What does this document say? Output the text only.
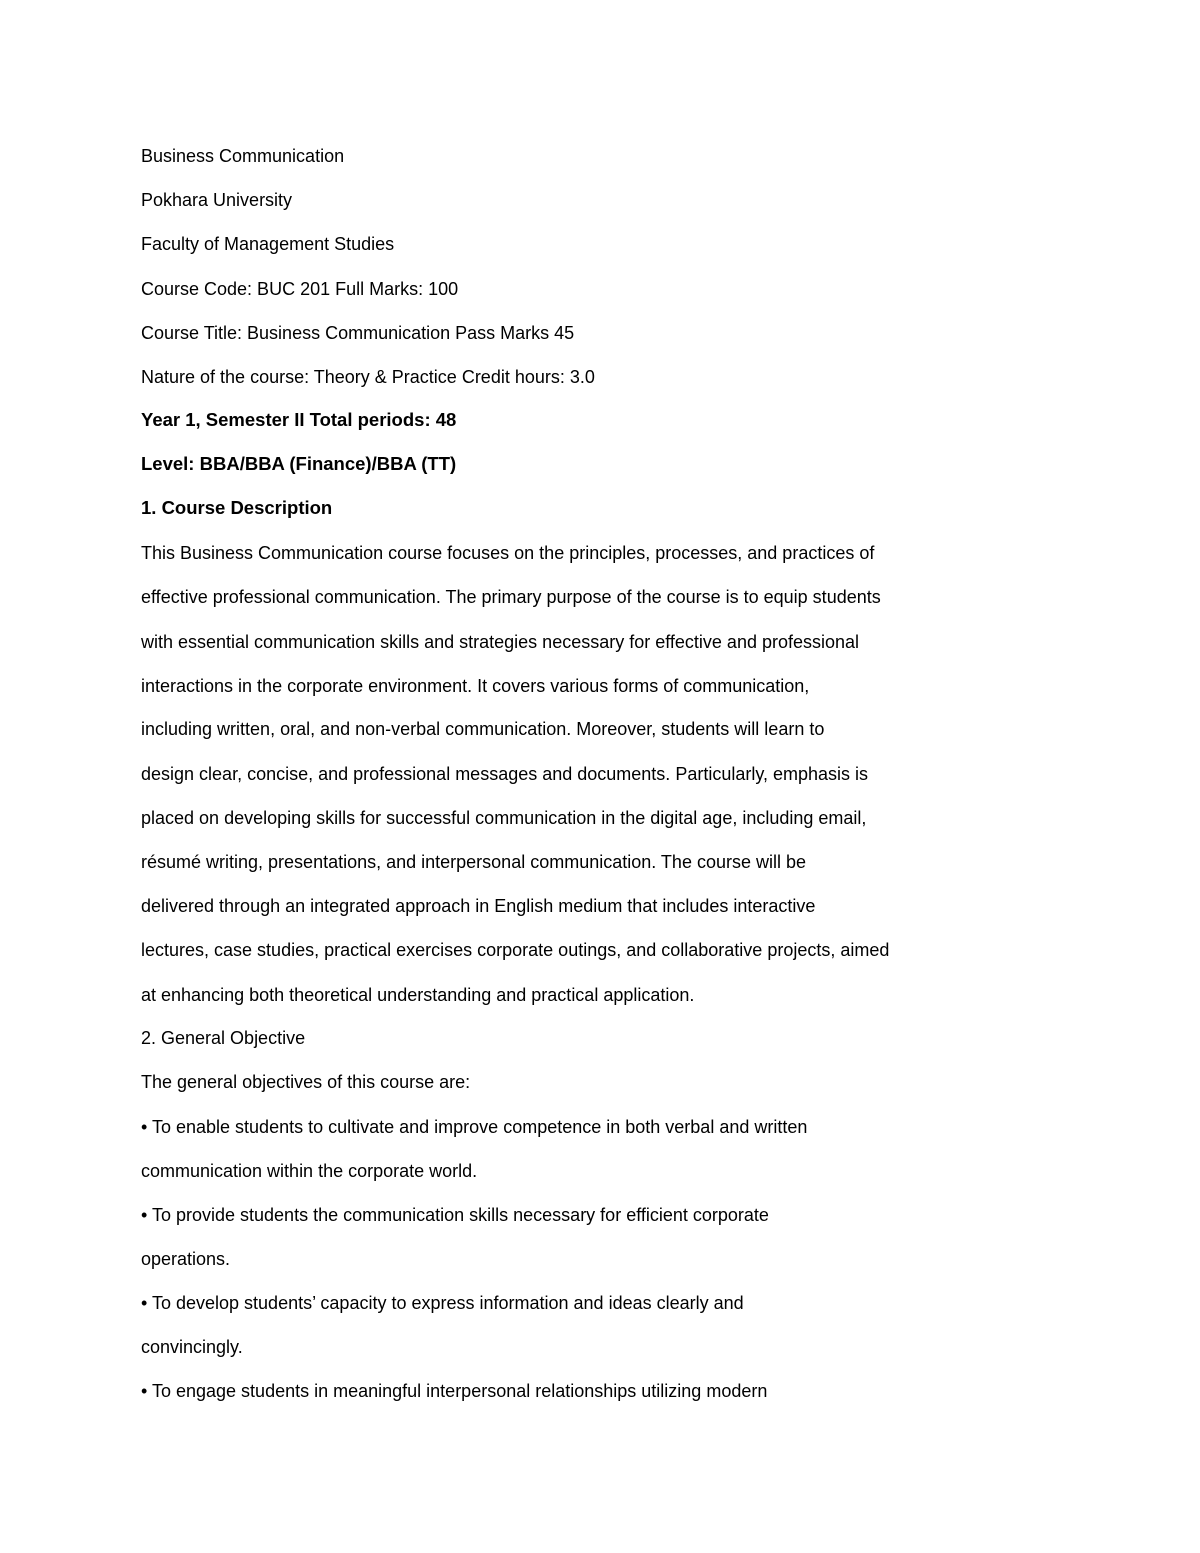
Business Communication
Pokhara University
Faculty of Management Studies
Course Code: BUC 201 Full Marks: 100
Course Title: Business Communication Pass Marks 45
Nature of the course: Theory & Practice Credit hours: 3.0
Year 1, Semester II Total periods: 48
Level: BBA/BBA (Finance)/BBA (TT)
1. Course Description
This Business Communication course focuses on the principles, processes, and practices of
effective professional communication. The primary purpose of the course is to equip students
with essential communication skills and strategies necessary for effective and professional
interactions in the corporate environment. It covers various forms of communication,
including written, oral, and non-verbal communication. Moreover, students will learn to
design clear, concise, and professional messages and documents. Particularly, emphasis is
placed on developing skills for successful communication in the digital age, including email,
résumé writing, presentations, and interpersonal communication. The course will be
delivered through an integrated approach in English medium that includes interactive
lectures, case studies, practical exercises corporate outings, and collaborative projects, aimed
at enhancing both theoretical understanding and practical application.
2. General Objective
The general objectives of this course are:
• To enable students to cultivate and improve competence in both verbal and written
communication within the corporate world.
• To provide students the communication skills necessary for efficient corporate
operations.
• To develop students’ capacity to express information and ideas clearly and
convincingly.
• To engage students in meaningful interpersonal relationships utilizing modern
